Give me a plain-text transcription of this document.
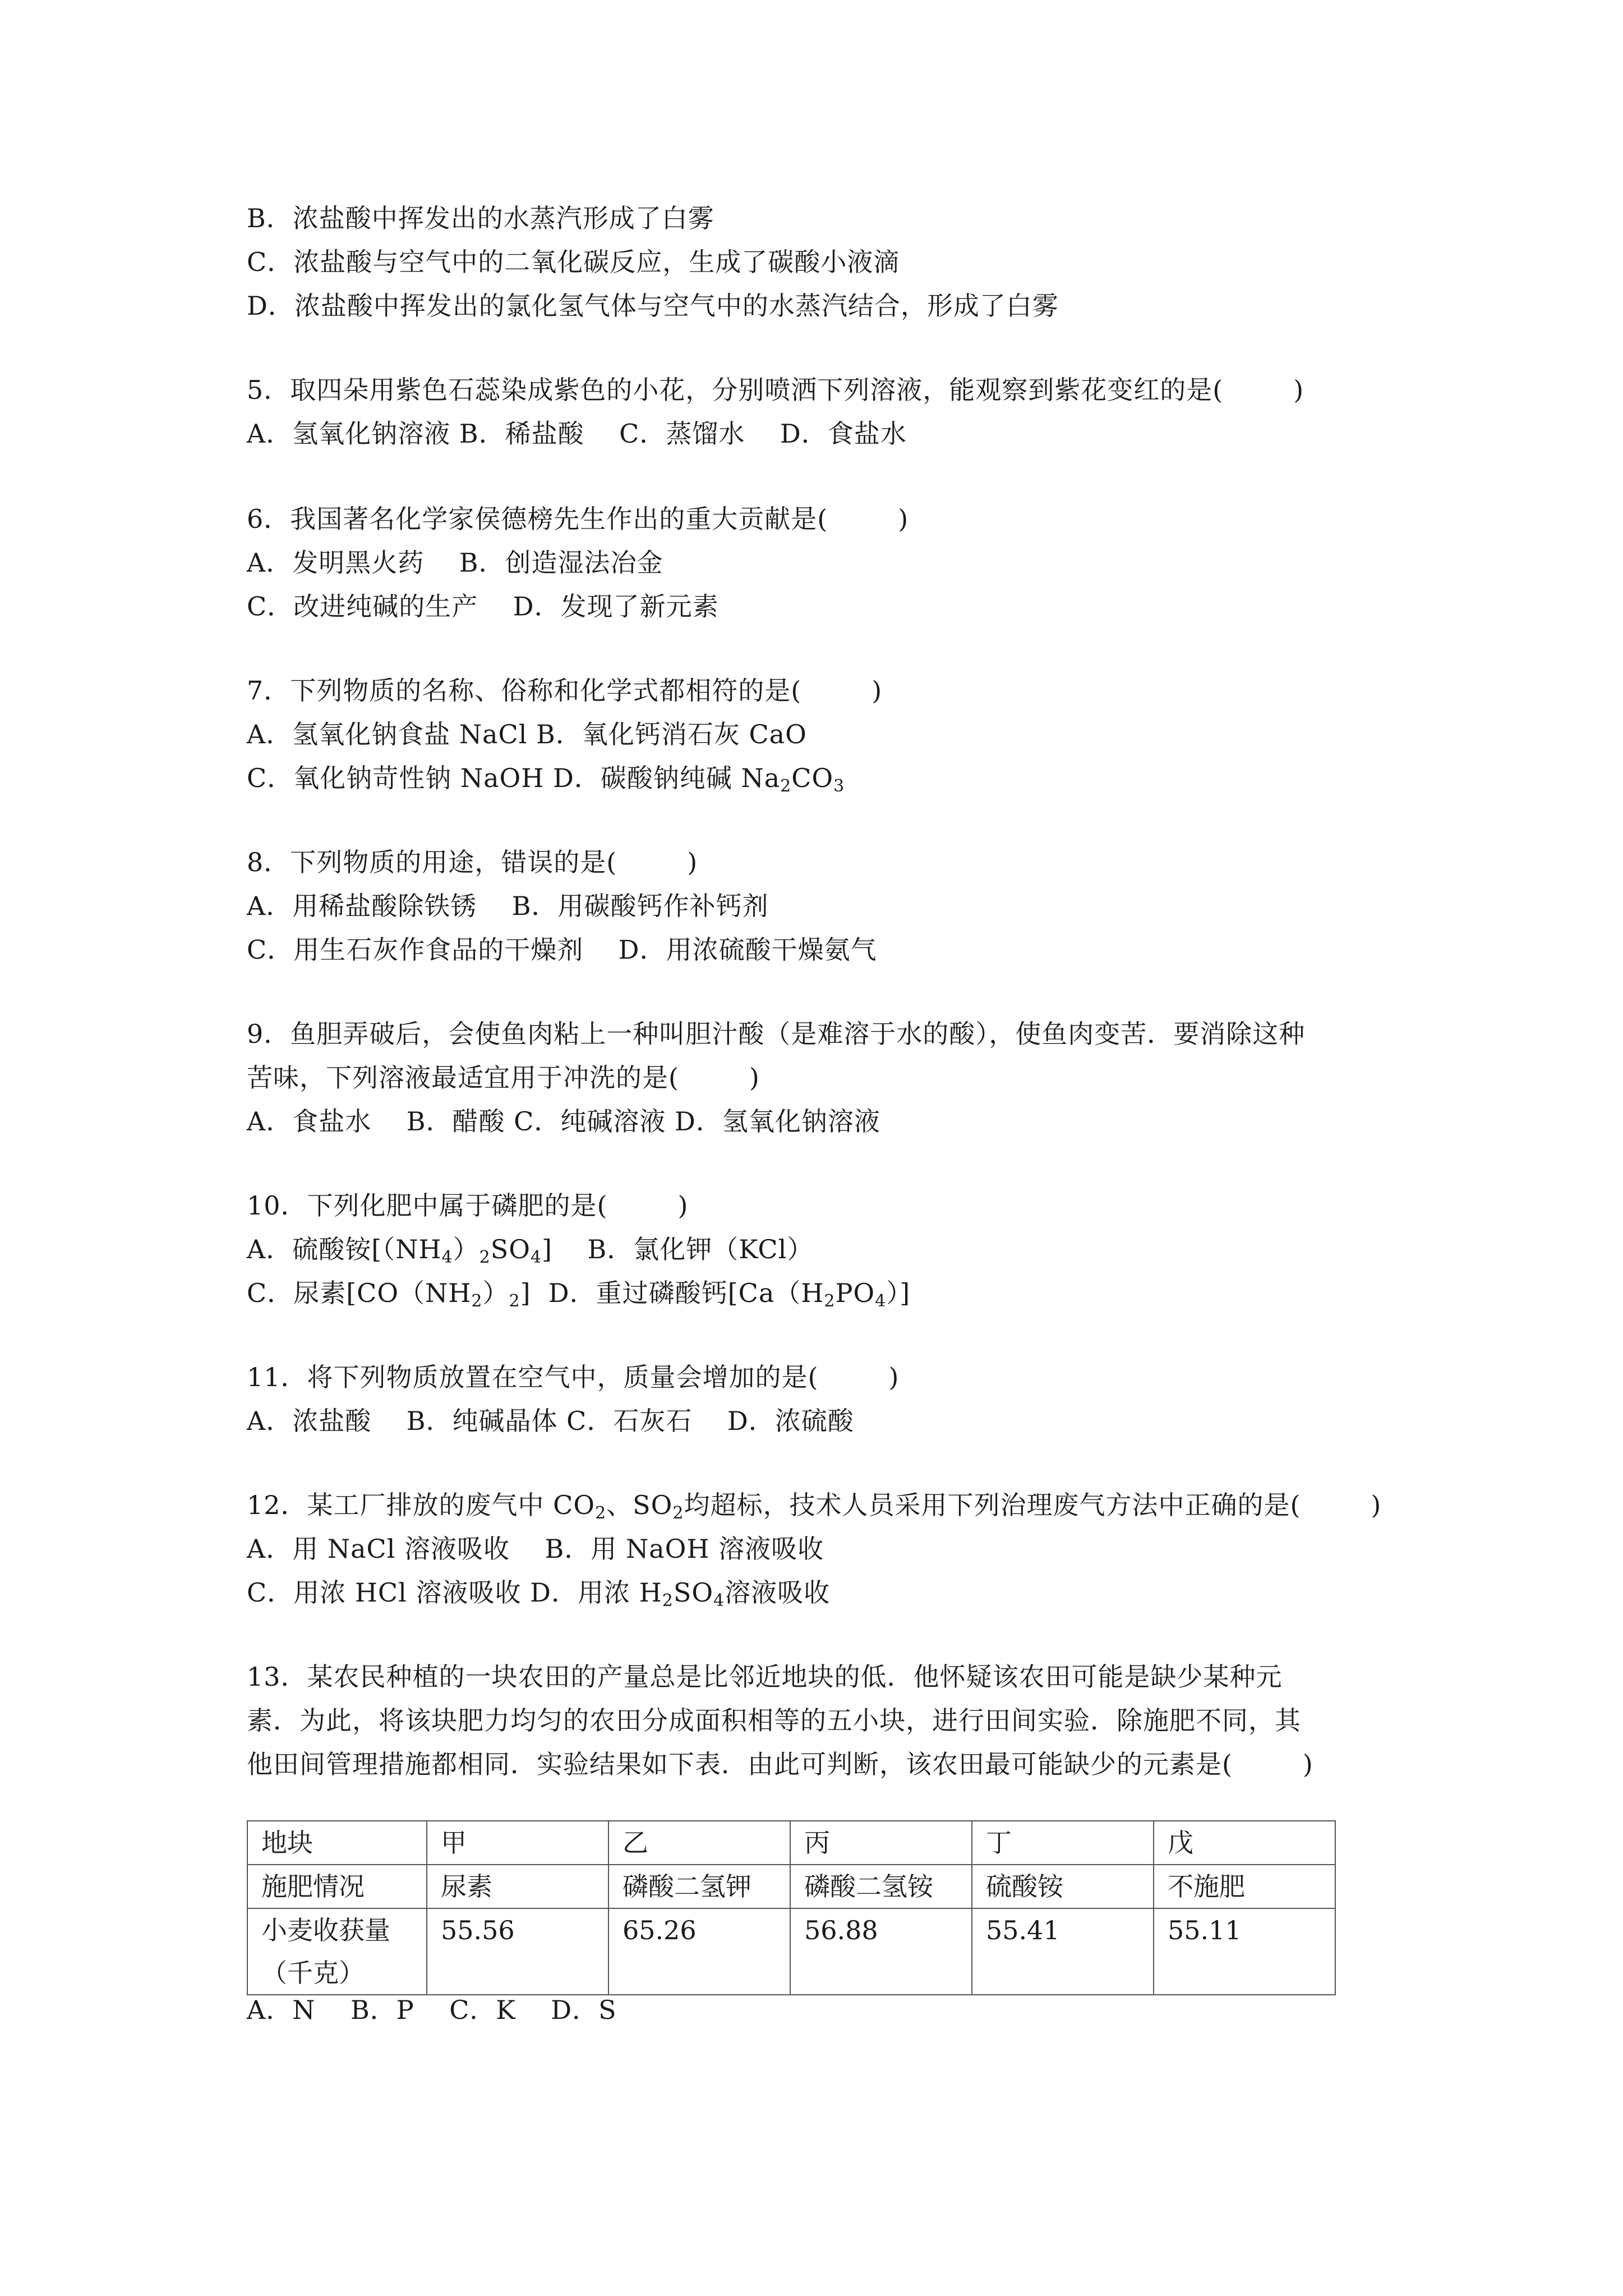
B．浓盐酸中挥发出的水蒸汽形成了白雾
C．浓盐酸与空气中的二氧化碳反应，生成了碳酸小液滴
D．浓盐酸中挥发出的氯化氢气体与空气中的水蒸汽结合，形成了白雾
5．取四朵用紫色石蕊染成紫色的小花，分别喷洒下列溶液，能观察到紫花变红的是(        )
A．氢氧化钠溶液 B．稀盐酸    C．蒸馏水    D．食盐水
6．我国著名化学家侯德榜先生作出的重大贡献是(        )
A．发明黑火药    B．创造湿法冶金
C．改进纯碱的生产    D．发现了新元素
7．下列物质的名称、俗称和化学式都相符的是(        )
A．氢氧化钠食盐 NaCl B．氧化钙消石灰 CaO
C．氧化钠苛性钠 NaOH D．碳酸钠纯碱 $Na_2CO_3$
8．下列物质的用途，错误的是(        )
A．用稀盐酸除铁锈    B．用碳酸钙作补钙剂
C．用生石灰作食品的干燥剂    D．用浓硫酸干燥氨气
9．鱼胆弄破后，会使鱼肉粘上一种叫胆汁酸（是难溶于水的酸），使鱼肉变苦．要消除这种
苦味，下列溶液最适宜用于冲洗的是(        )
A．食盐水    B．醋酸 C．纯碱溶液 D．氢氧化钠溶液
10．下列化肥中属于磷肥的是(        )
A．硫酸铵$[(NH_4)_2SO_4]$    B．氯化钾（KCl）
C．尿素$[CO(NH_2)_2]$  D．重过磷酸钙$[Ca(H_2PO_4)]$
11．将下列物质放置在空气中，质量会增加的是(        )
A．浓盐酸    B．纯碱晶体 C．石灰石    D．浓硫酸
12．某工厂排放的废气中 $CO_2$、$SO_2$均超标，技术人员采用下列治理废气方法中正确的是(        )
A．用 NaCl 溶液吸收    B．用 NaOH 溶液吸收
C．用浓 HCl 溶液吸收 D．用浓 $H_2SO_4$溶液吸收
13．某农民种植的一块农田的产量总是比邻近地块的低．他怀疑该农田可能是缺少某种元
素．为此，将该块肥力均匀的农田分成面积相等的五小块，进行田间实验．除施肥不同，其
他田间管理措施都相同．实验结果如下表．由此可判断，该农田最可能缺少的元素是(        )
地块	甲	乙	丙	丁	戊
施肥情况	尿素	磷酸二氢钾	磷酸二氢铵	硫酸铵	不施肥
小麦收获量（千克）	55.56	65.26	56.88	55.41	55.11
A．N    B．P    C．K    D．S
